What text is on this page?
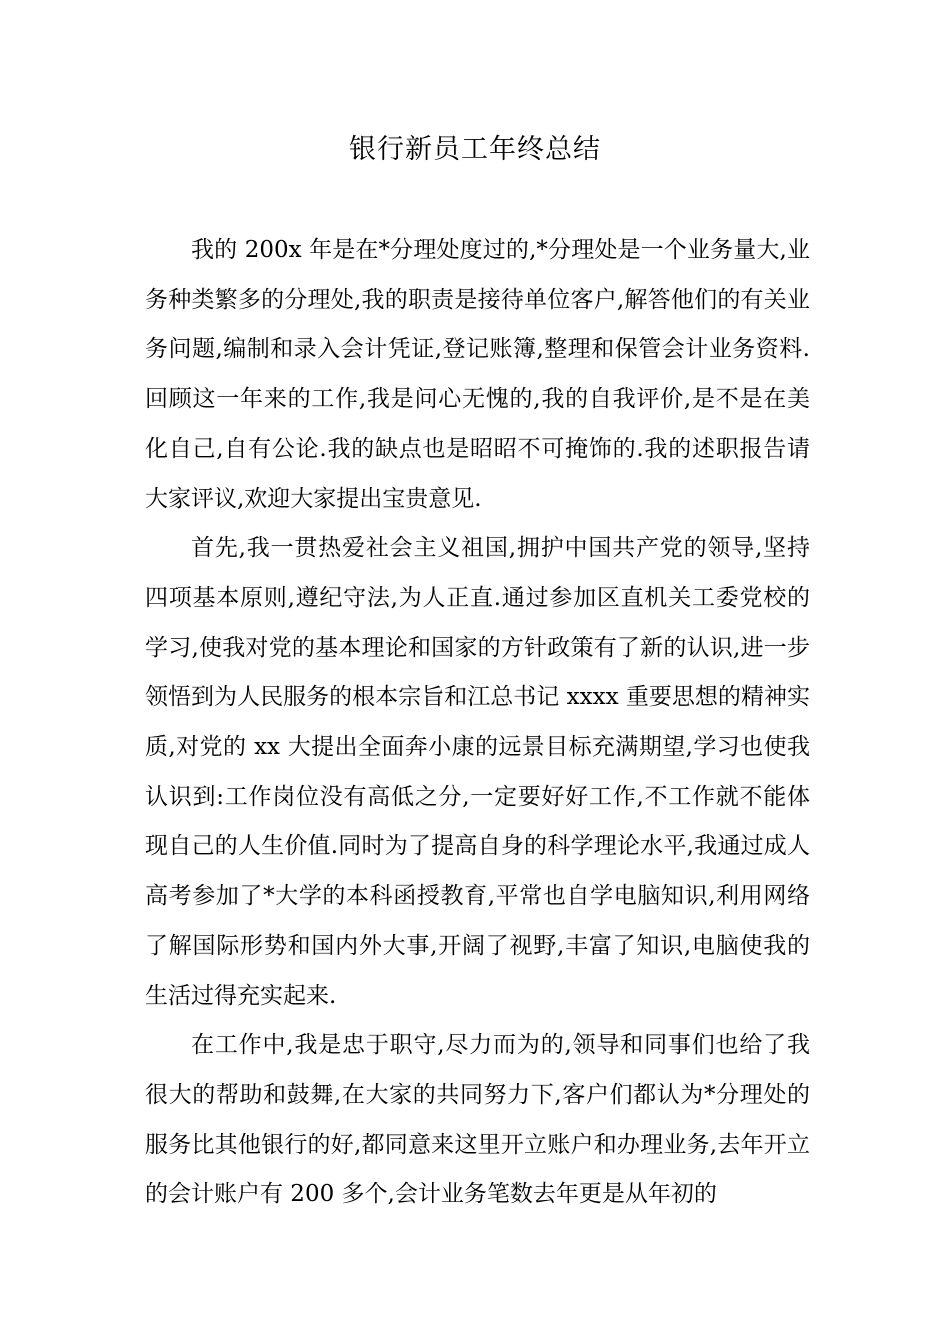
银行新员工年终总结

我的 200x 年是在*分理处度过的,*分理处是一个业务量大,业务种类繁多的分理处,我的职责是接待单位客户,解答他们的有关业务问题,编制和录入会计凭证,登记账簿,整理和保管会计业务资料.回顾这一年来的工作,我是问心无愧的,我的自我评价,是不是在美化自己,自有公论.我的缺点也是昭昭不可掩饰的.我的述职报告请大家评议,欢迎大家提出宝贵意见.

首先,我一贯热爱社会主义祖国,拥护中国共产党的领导,坚持四项基本原则,遵纪守法,为人正直.通过参加区直机关工委党校的学习,使我对党的基本理论和国家的方针政策有了新的认识,进一步领悟到为人民服务的根本宗旨和江总书记 xxxx 重要思想的精神实质,对党的 xx 大提出全面奔小康的远景目标充满期望,学习也使我认识到:工作岗位没有高低之分,一定要好好工作,不工作就不能体现自己的人生价值.同时为了提高自身的科学理论水平,我通过成人高考参加了*大学的本科函授教育,平常也自学电脑知识,利用网络了解国际形势和国内外大事,开阔了视野,丰富了知识,电脑使我的生活过得充实起来.

在工作中,我是忠于职守,尽力而为的,领导和同事们也给了我很大的帮助和鼓舞,在大家的共同努力下,客户们都认为*分理处的服务比其他银行的好,都同意来这里开立账户和办理业务,去年开立的会计账户有 200 多个,会计业务笔数去年更是从年初的
